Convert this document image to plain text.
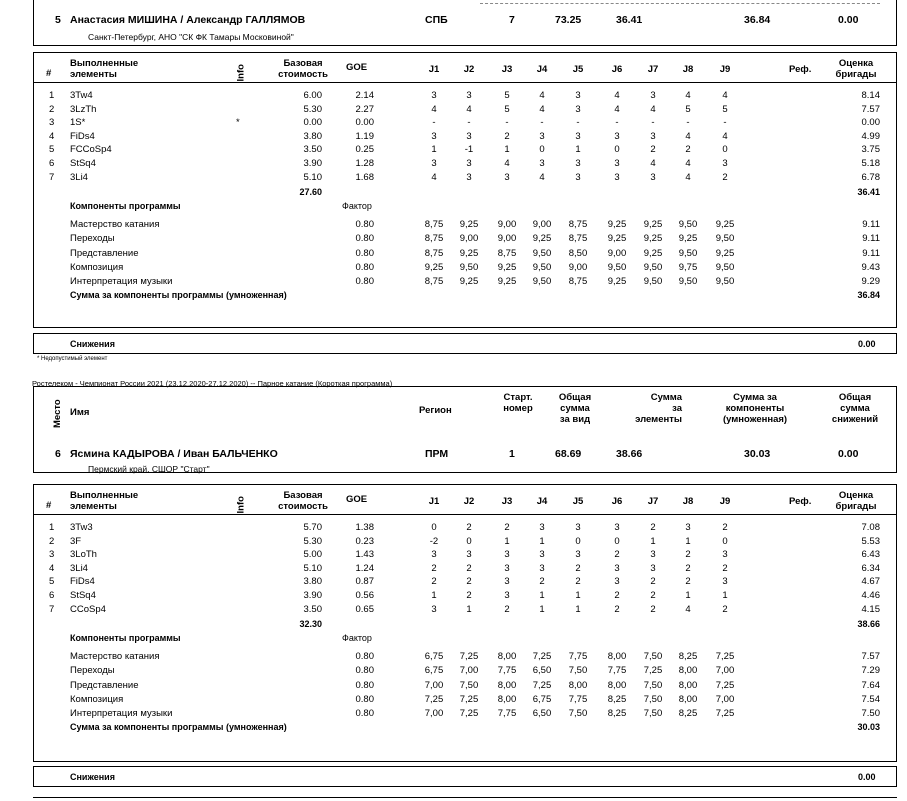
5 Анастасия МИШИНА / Александр ГАЛЛЯМОВ
Санкт-Петербург, АНО "СК ФК Тамары Московиной"
СПБ	7	73.25	36.41	36.84	0.00
#
Выполненные
элементы	Info
Базовая
стоимость
GOE	J1	J2	J3	J4	J5	J6	J7	J8	J9	Реф.
Оценка
бригады
1 3Tw4	6.00	2.14	3	3	5	4	3	4	3	4	4	8.14
2 3LzTh	5.30	2.27	4	4	5	4	3	4	4	5	5	7.57
3 1S*	*	0.00	0.00	-	-	-	-	-	-	-	-	-	0.00
4 FiDs4	3.80	1.19	3	3	2	3	3	3	3	4	4	4.99
5 FCCoSp4	3.50	0.25	1	-1	1	0	1	0	2	2	0	3.75
6 StSq4	3.90	1.28	3	3	4	3	3	3	4	4	3	5.18
7 3Li4	5.10	1.68	4	3	3	4	3	3	3	4	2	6.78
27.60	36.41
Компоненты программы	Фактор
Мастерство катания	0.80	8,75	9,25	9,00	9,00	8,75	9,25	9,25	9,50	9,25	9.11
Переходы	0.80	8,75	9,00	9,00	9,25	8,75	9,25	9,25	9,25	9,50	9.11
Представление	0.80	8,75	9,25	8,75	9,50	8,50	9,00	9,25	9,50	9,25	9.11
Композиция	0.80	9,25	9,50	9,25	9,50	9,00	9,50	9,50	9,75	9,50	9.43
Интерпретация музыки	0.80	8,75	9,25	9,25	9,50	8,75	9,25	9,50	9,50	9,50	9.29
Сумма за компоненты программы (умноженная)	36.84
Снижения	0.00
* Недопустимый элемент
Ростелеком - Чемпионат России 2021 (23.12.2020-27.12.2020) -- Парное катание (Короткая программа)
Место Имя	Регион
Старт.
номер
Общая
сумма
за вид
Сумма
за
элементы
Сумма за
компоненты
(умноженная)
Общая
сумма
снижений
6 Ясмина КАДЫРОВА / Иван БАЛЬЧЕНКО
Пермский край, СШОР "Старт"
ПРМ	1	68.69	38.66	30.03	0.00
#
Выполненные
элементы	Info
Базовая
стоимость
GOE	J1	J2	J3	J4	J5	J6	J7	J8	J9	Реф.
Оценка
бригады
1 3Tw3	5.70	1.38	0	2	2	3	3	3	2	3	2	7.08
2 3F	5.30	0.23	-2	0	1	1	0	0	1	1	0	5.53
3 3LoTh	5.00	1.43	3	3	3	3	3	2	3	2	3	6.43
4 3Li4	5.10	1.24	2	2	3	3	2	3	3	2	2	6.34
5 FiDs4	3.80	0.87	2	2	3	2	2	3	2	2	3	4.67
6 StSq4	3.90	0.56	1	2	3	1	1	2	2	1	1	4.46
7 CCoSp4	3.50	0.65	3	1	2	1	1	2	2	4	2	4.15
32.30	38.66
Компоненты программы	Фактор
Мастерство катания	0.80	6,75	7,25	8,00	7,25	7,75	8,00	7,50	8,25	7,25	7.57
Переходы	0.80	6,75	7,00	7,75	6,50	7,50	7,75	7,25	8,00	7,00	7.29
Представление	0.80	7,00	7,50	8,00	7,25	8,00	8,00	7,50	8,00	7,25	7.64
Композиция	0.80	7,25	7,25	8,00	6,75	7,75	8,25	7,50	8,00	7,00	7.54
Интерпретация музыки	0.80	7,00	7,25	7,75	6,50	7,50	8,25	7,50	8,25	7,25	7.50
Сумма за компоненты программы (умноженная)	30.03
Снижения	0.00
